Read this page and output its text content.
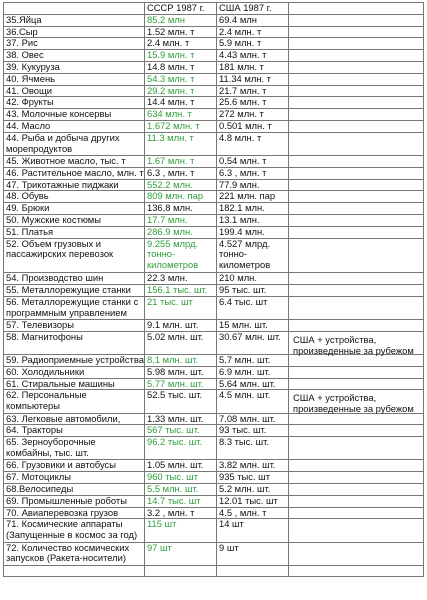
	СССР 1987 г.	США 1987 г.	
35.Яйца	85.2 млн	69.4 млн	
36.Сыр	1.52 млн. т	2.4 млн. т	
37. Рис	2.4 млн. т	5.9 млн. т	
38. Овес	15.9 млн. т	4.43 млн. т	
39. Кукуруза	14.8 млн. т	181 млн. т	
40. Ячмень	54.3 млн. т	11.34 млн. т	
41. Овощи	29.2 млн. т	21.7 млн. т	
42. Фрукты	14.4 млн. т	25.6 млн. т	
43. Молочные консервы	634 млн. т	272 млн. т	
44. Масло	1.672 млн. т	0.501 млн. т	
44. Рыба и добыча других морепродуктов	11.3 млн. т	4.8 млн. т	
45. Животное масло, тыс. т	1.67 млн. т	0.54 млн. т	
46. Растительное масло, млн. т	6.3 , млн. т	6.3 , млн. т	
47. Трикотажные пиджаки	552.2 млн.	77.9 млн.	
48. Обувь	809 млн. пар	221 млн. пар	
49. Брюки	136,8 млн.	182.1 млн.	
50. Мужские костюмы	17.7 млн.	13.1 млн.	
51. Платья	286.9 млн.	199.4 млн.	
52. Объем грузовых и пассажирских перевозок	9.255 млрд. тонно-километров	4.527 млрд. тонно-километров	
54. Производство шин	22.3 млн.	210 млн.	
55. Металлорежущие станки	156.1 тыс. шт.	95 тыс. шт.	
56. Металлорежущие станки с программным управлением	21 тыс. шт	6.4 тыс. шт	
57. Телевизоры	9.1 млн. шт.	15 млн. шт.	
58. Магнитофоны	5.02 млн. шт.	30.67 млн. шт.	США + устройства, произведенные за рубежом
59. Радиоприемные устройства	8.1 млн. шт.	5.7 млн. шт.	
60. Холодильники	5.98 млн. шт.	6.9 млн. шт.	
61. Стиральные машины	5.77 млн. шт.	5.64 млн. шт.	
62. Персональные компьютеры	52.5 тыс. шт.	4.5 млн. шт.	США + устройства, произведенные за рубежом
63. Легковые автомобили,	1.33 млн. шт.	7.08 млн. шт.	
64. Тракторы	567 тыс. шт.	93 тыс. шт.	
65. Зерноуборочные комбайны, тыс. шт.	96.2 тыс. шт.	8.3 тыс. шт.	
66. Грузовики и автобусы	1.05 млн. шт.	3.82 млн. шт.	
67. Мотоциклы	960 тыс. шт	935 тыс. шт	
68.Велосипеды	5.5 млн. шт.	5.2 млн. шт.	
69. Промышленные роботы	14.7 тыс. шт	12.01 тыс. шт	
70. Авиаперевозка грузов	3.2 , млн. т	4.5 , млн. т	
71. Космические аппараты (Запущенные в космос за год)	115 шт	14 шт	
72. Количество космических запусков (Ракета-носители)	97 шт	9 шт	
